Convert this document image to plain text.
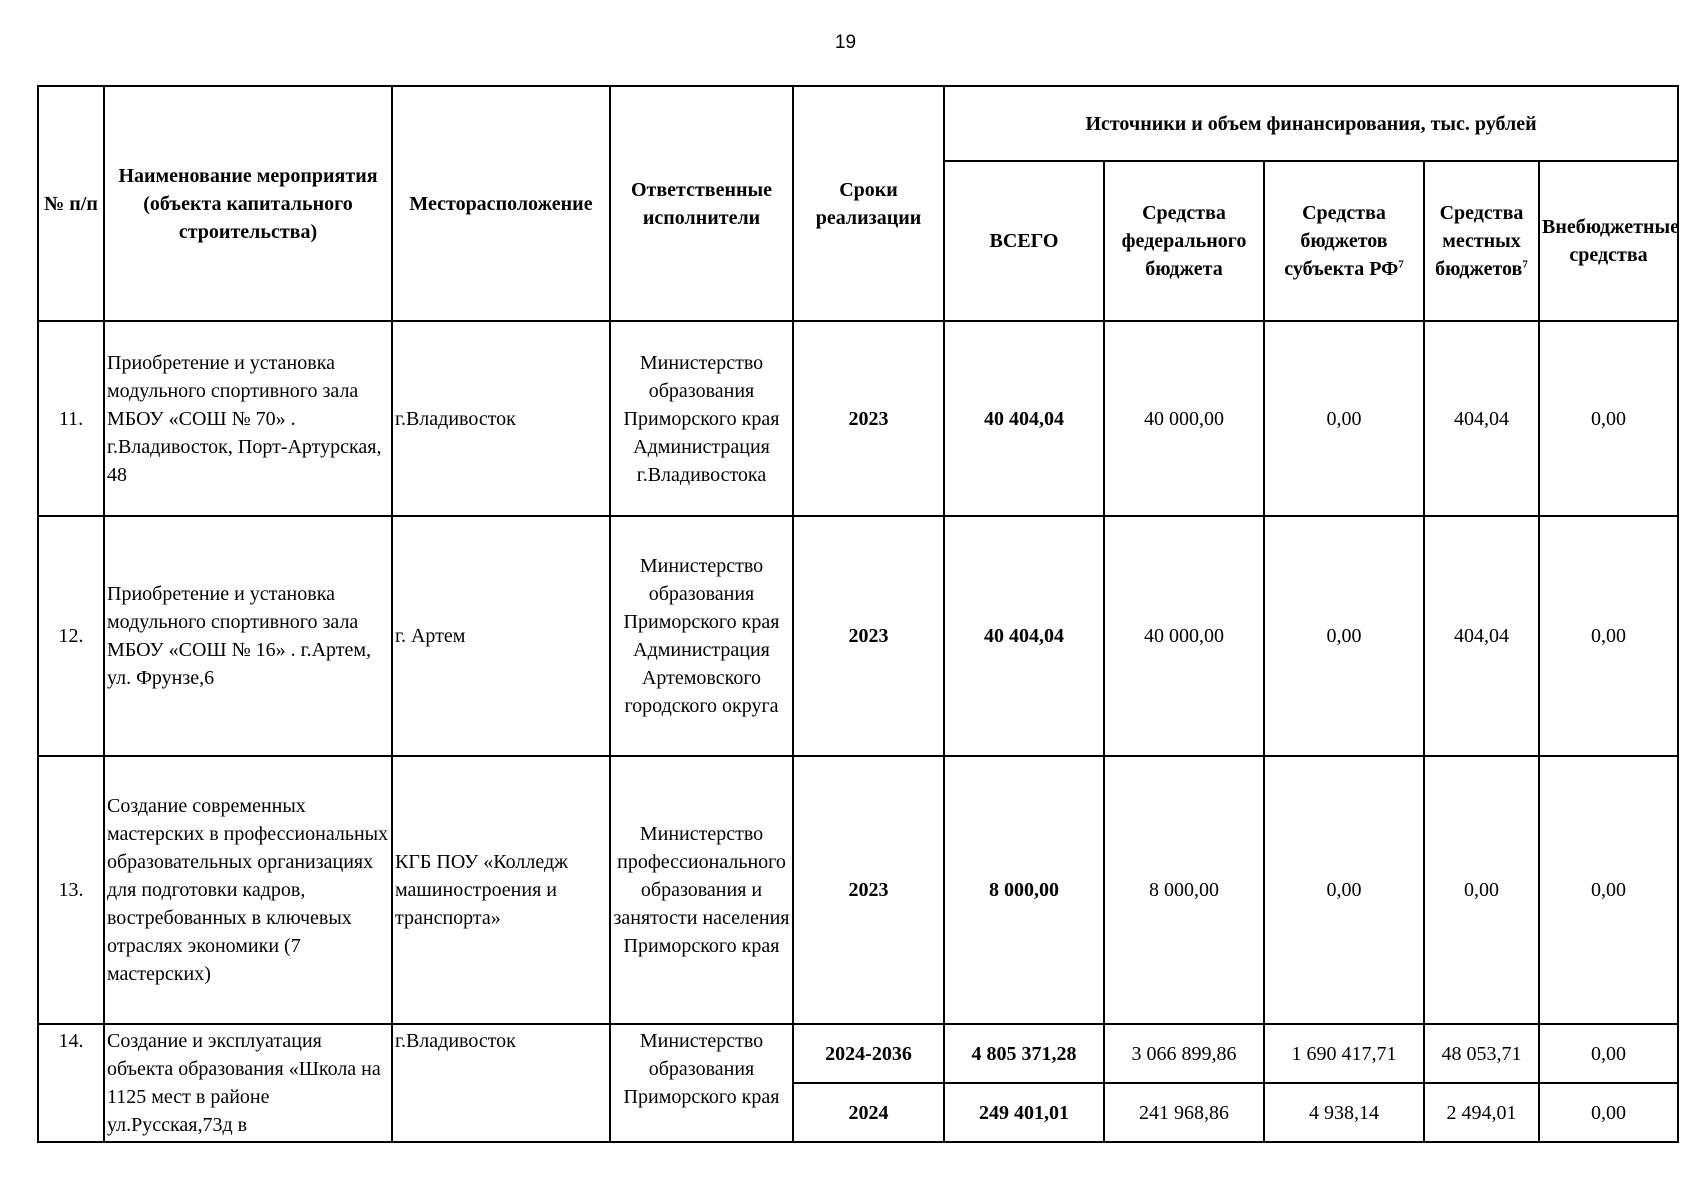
19
№ п/п	Наименование мероприятия (объекта капитального строительства)	Месторасположение	Ответственные исполнители	Сроки реализации	Источники и объем финансирования, тыс. рублей				
					ВСЕГО	Средства федерального бюджета	Средства бюджетов субъекта $РФ^7$	Средства местных бюджетов$^7$	Внебюджетные средства
11.	Приобретение и установка модульного спортивного зала МБОУ «СОШ № 70» . г.Владивосток, Порт-Артурская, 48	г.Владивосток	Министерство образования Приморского края Администрация г.Владивостока	2023	40 404,04	40 000,00	0,00	404,04	0,00
12.	Приобретение и установка модульного спортивного зала МБОУ «СОШ № 16» . г.Артем, ул. Фрунзе,6	г. Артем	Министерство образования Приморского края Администрация Артемовского городского округа	2023	40 404,04	40 000,00	0,00	404,04	0,00
13.	Создание современных мастерских в профессиональных образовательных организациях для подготовки кадров, востребованных в ключевых отраслях экономики (7 мастерских)	КГБ ПОУ «Колледж машиностроения и транспорта»	Министерство профессионального образования и занятости населения Приморского края	2023	8 000,00	8 000,00	0,00	0,00	0,00
14.	Создание и эксплуатация объекта образования «Школа на 1125 мест в районе ул.Русская,73д в	г.Владивосток	Министерство образования Приморского края	2024-2036	4 805 371,28	3 066 899,86	1 690 417,71	48 053,71	0,00
				2024	249 401,01	241 968,86	4 938,14	2 494,01	0,00
